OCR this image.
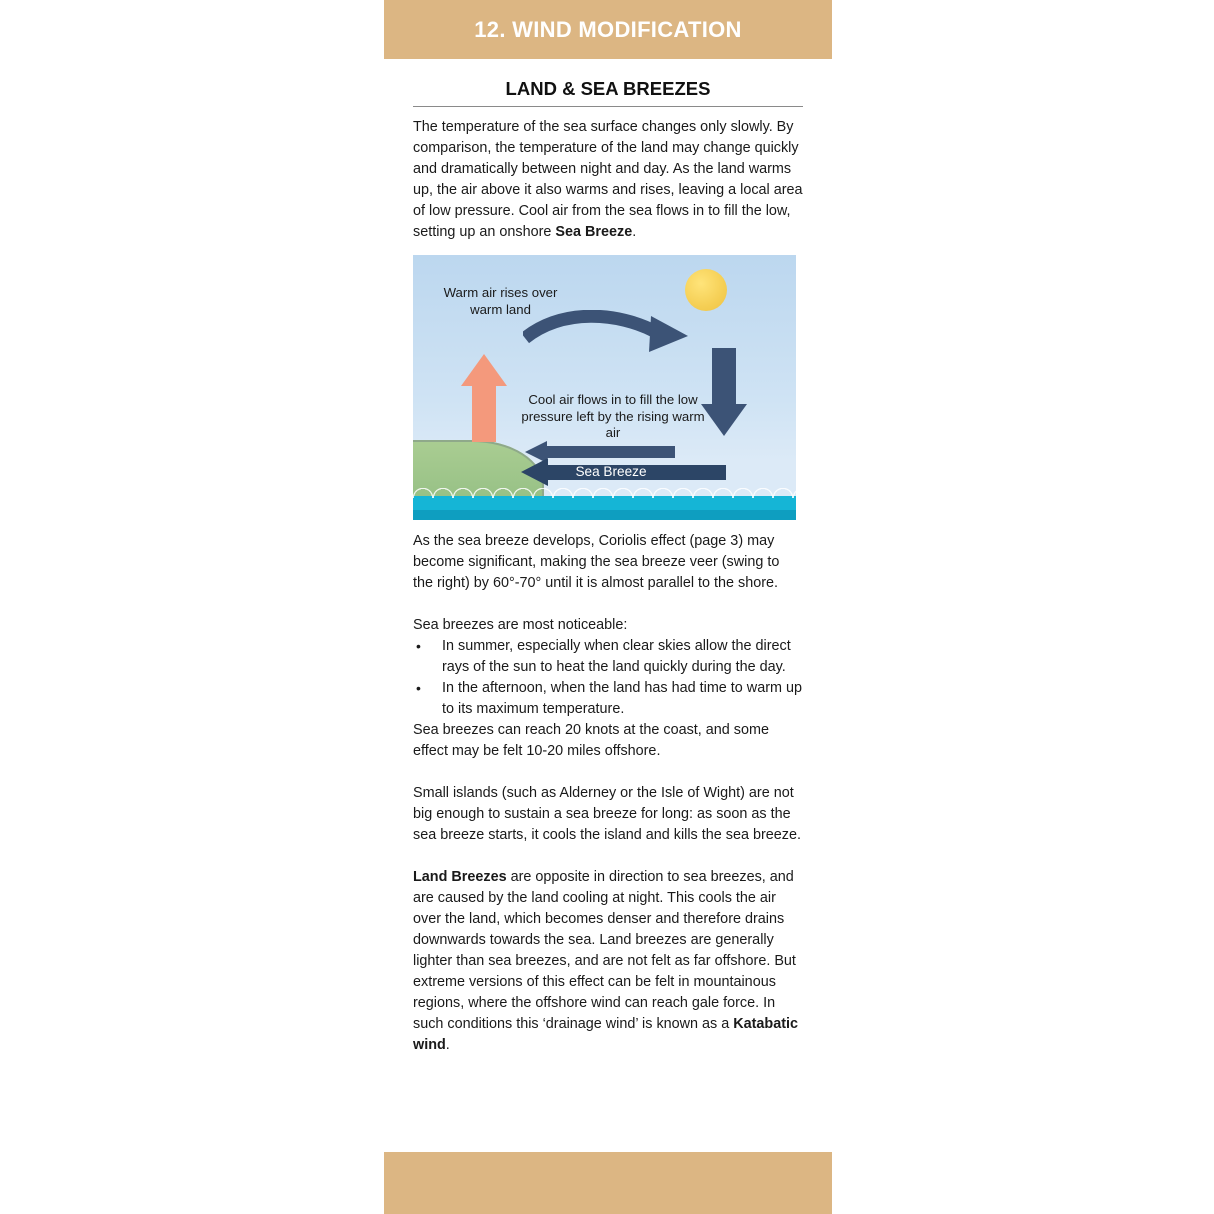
12. WIND MODIFICATION
LAND & SEA BREEZES

The temperature of the sea surface changes only slowly. By comparison, the temperature of the land may change quickly and dramatically between night and day. As the land warms up, the air above it also warms and rises, leaving a local area of low pressure. Cool air from the sea flows in to fill the low, setting up an onshore Sea Breeze.

Warm air rises over warm land
Cool air flows in to fill the low pressure left by the rising warm air
Sea Breeze

As the sea breeze develops, Coriolis effect (page 3) may become significant, making the sea breeze veer (swing to the right) by 60°-70° until it is almost parallel to the shore.

Sea breezes are most noticeable:

• In summer, especially when clear skies allow the direct rays of the sun to heat the land quickly during the day.
• In the afternoon, when the land has had time to warm up to its maximum temperature.

Sea breezes can reach 20 knots at the coast, and some effect may be felt 10-20 miles offshore.

Small islands (such as Alderney or the Isle of Wight) are not big enough to sustain a sea breeze for long: as soon as the sea breeze starts, it cools the island and kills the sea breeze.

Land Breezes are opposite in direction to sea breezes, and are caused by the land cooling at night. This cools the air over the land, which becomes denser and therefore drains downwards towards the sea. Land breezes are generally lighter than sea breezes, and are not felt as far offshore. But extreme versions of this effect can be felt in mountainous regions, where the offshore wind can reach gale force. In such conditions this ‘drainage wind’ is known as a Katabatic wind.
